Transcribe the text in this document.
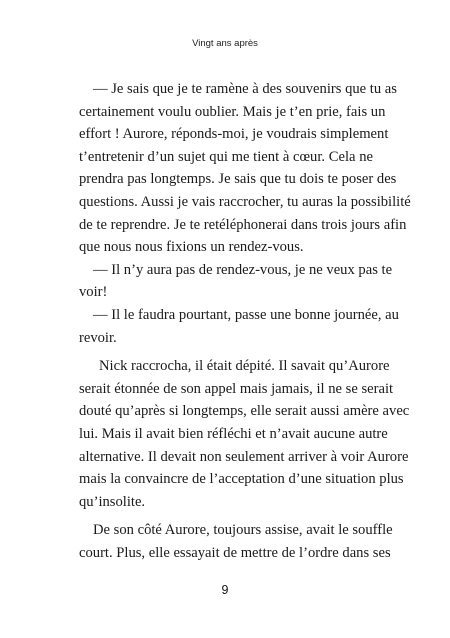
Vingt ans après
— Je sais que je te ramène à des souvenirs que tu as
certainement voulu oublier. Mais je t’en prie, fais un
effort ! Aurore, réponds-moi, je voudrais simplement
t’entretenir d’un sujet qui me tient à cœur. Cela ne
prendra pas longtemps. Je sais que tu dois te poser des
questions. Aussi je vais raccrocher, tu auras la possibilité
de te reprendre. Je te retéléphonerai dans trois jours afin
que nous nous fixions un rendez-vous.
— Il n’y aura pas de rendez-vous, je ne veux pas te
voir!
— Il le faudra pourtant, passe une bonne journée, au
revoir.
Nick raccrocha, il était dépité. Il savait qu’Aurore
serait étonnée de son appel mais jamais, il ne se serait
douté qu’après si longtemps, elle serait aussi amère avec
lui. Mais il avait bien réfléchi et n’avait aucune autre
alternative. Il devait non seulement arriver à voir Aurore
mais la convaincre de l’acceptation d’une situation plus
qu’insolite.
De son côté Aurore, toujours assise, avait le souffle
court. Plus, elle essayait de mettre de l’ordre dans ses
9
